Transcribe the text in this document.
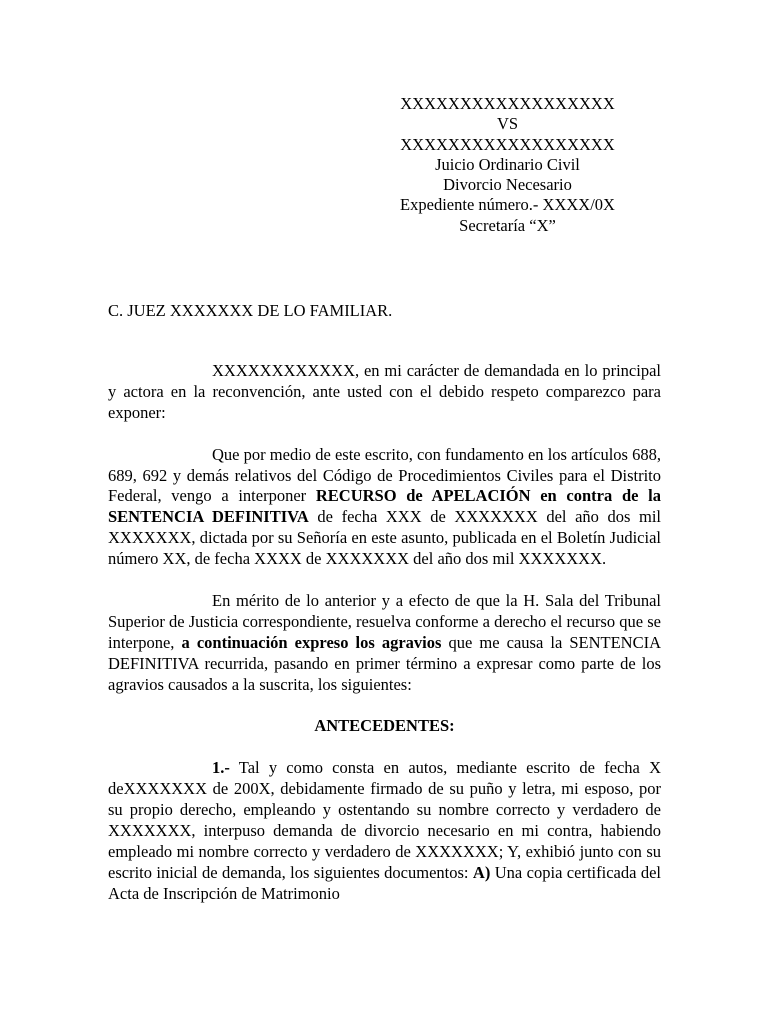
XXXXXXXXXXXXXXXXXX
VS
XXXXXXXXXXXXXXXXXX
Juicio Ordinario Civil
Divorcio Necesario
Expediente número.- XXXX/0X
Secretaría “X”
C. JUEZ XXXXXXX DE LO FAMILIAR.

XXXXXXXXXXXX, en mi carácter de demandada en lo principal y actora en la reconvención, ante usted con el debido respeto comparezco para exponer:

Que por medio de este escrito, con fundamento en los artículos 688, 689, 692 y demás relativos del Código de Procedimientos Civiles para el Distrito Federal, vengo a interponer RECURSO de APELACIÓN en contra de la SENTENCIA DEFINITIVA de fecha XXX de XXXXXXX del año dos mil XXXXXXX, dictada por su Señoría en este asunto, publicada en el Boletín Judicial número XX, de fecha XXXX de XXXXXXX del año dos mil XXXXXXX.

En mérito de lo anterior y a efecto de que la H. Sala del Tribunal Superior de Justicia correspondiente, resuelva conforme a derecho el recurso que se interpone, a continuación expreso los agravios que me causa la SENTENCIA DEFINITIVA recurrida, pasando en primer término a expresar como parte de los agravios causados a la suscrita, los siguientes:

ANTECEDENTES:

1.- Tal y como consta en autos, mediante escrito de fecha X deXXXXXXX de 200X, debidamente firmado de su puño y letra, mi esposo, por su propio derecho, empleando y ostentando su nombre correcto y verdadero de XXXXXXX, interpuso demanda de divorcio necesario en mi contra, habiendo empleado mi nombre correcto y verdadero de XXXXXXX; Y, exhibió junto con su escrito inicial de demanda, los siguientes documentos: A) Una copia certificada del Acta de Inscripción de Matrimonio
